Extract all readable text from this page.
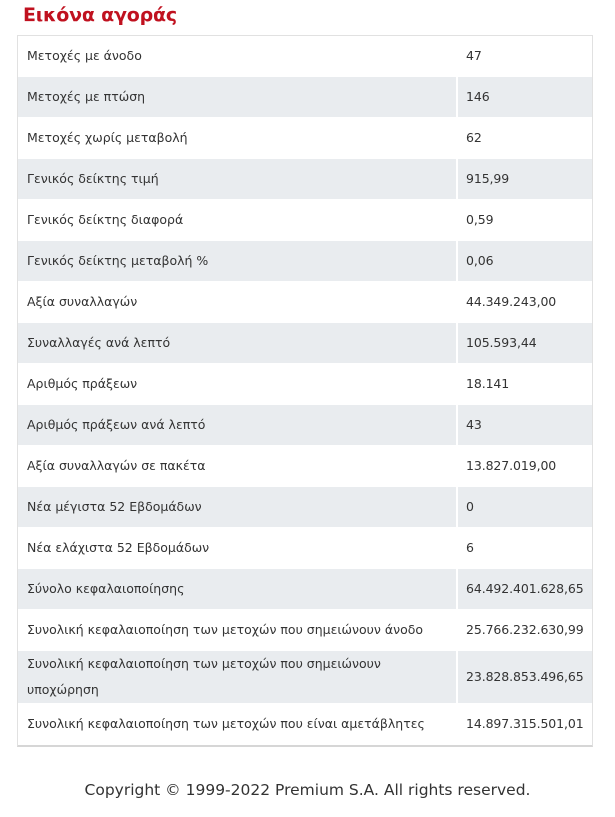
Εικόνα αγοράς
Μετοχές με άνοδο	47
Μετοχές με πτώση	146
Μετοχές χωρίς μεταβολή	62
Γενικός δείκτης τιμή	915,99
Γενικός δείκτης διαφορά	0,59
Γενικός δείκτης μεταβολή %	0,06
Αξία συναλλαγών	44.349.243,00
Συναλλαγές ανά λεπτό	105.593,44
Αριθμός πράξεων	18.141
Αριθμός πράξεων ανά λεπτό	43
Αξία συναλλαγών σε πακέτα	13.827.019,00
Νέα μέγιστα 52 Εβδομάδων	0
Νέα ελάχιστα 52 Εβδομάδων	6
Σύνολο κεφαλαιοποίησης	64.492.401.628,65
Συνολική κεφαλαιοποίηση των μετοχών που σημειώνουν άνοδο	25.766.232.630,99
Συνολική κεφαλαιοποίηση των μετοχών που σημειώνουν υποχώρηση	23.828.853.496,65
Συνολική κεφαλαιοποίηση των μετοχών που είναι αμετάβλητες	14.897.315.501,01
Copyright © 1999-2022 Premium S.A. All rights reserved.
